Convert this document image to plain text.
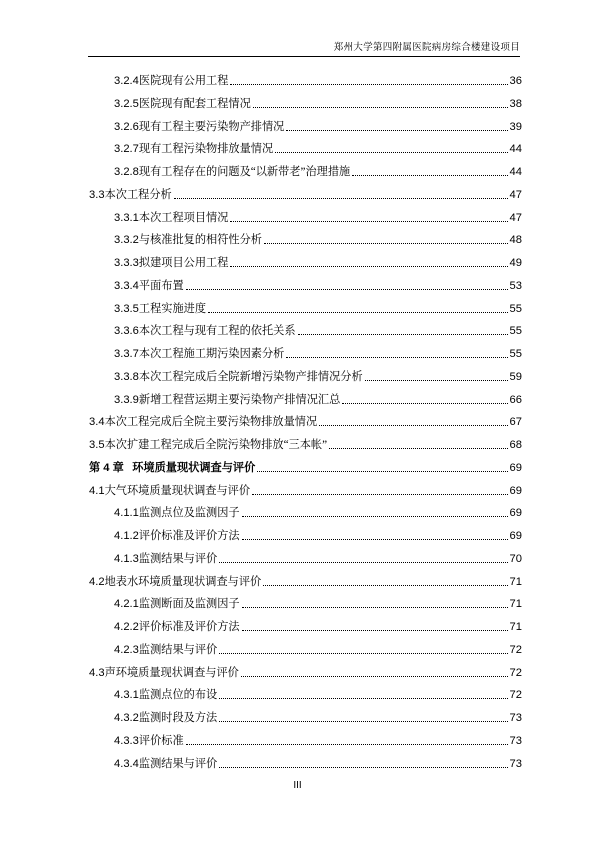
郑州大学第四附属医院病房综合楼建设项目
3.2.4医院现有公用工程	36
3.2.5医院现有配套工程情况	38
3.2.6现有工程主要污染物产排情况	39
3.2.7现有工程污染物排放量情况	44
3.2.8现有工程存在的问题及“以新带老”治理措施	44
3.3本次工程分析	47
3.3.1本次工程项目情况	47
3.3.2与核准批复的相符性分析	48
3.3.3拟建项目公用工程	49
3.3.4平面布置	53
3.3.5工程实施进度	55
3.3.6本次工程与现有工程的依托关系	55
3.3.7本次工程施工期污染因素分析	55
3.3.8本次工程完成后全院新增污染物产排情况分析	59
3.3.9新增工程营运期主要污染物产排情况汇总	66
3.4本次工程完成后全院主要污染物排放量情况	67
3.5本次扩建工程完成后全院污染物排放“三本帐”	68
第 4 章 环境质量现状调查与评价	69
4.1大气环境质量现状调查与评价	69
4.1.1监测点位及监测因子	69
4.1.2评价标准及评价方法	69
4.1.3监测结果与评价	70
4.2地表水环境质量现状调查与评价	71
4.2.1监测断面及监测因子	71
4.2.2评价标准及评价方法	71
4.2.3监测结果与评价	72
4.3声环境质量现状调查与评价	72
4.3.1监测点位的布设	72
4.3.2监测时段及方法	73
4.3.3评价标准	73
4.3.4监测结果与评价	73
III
